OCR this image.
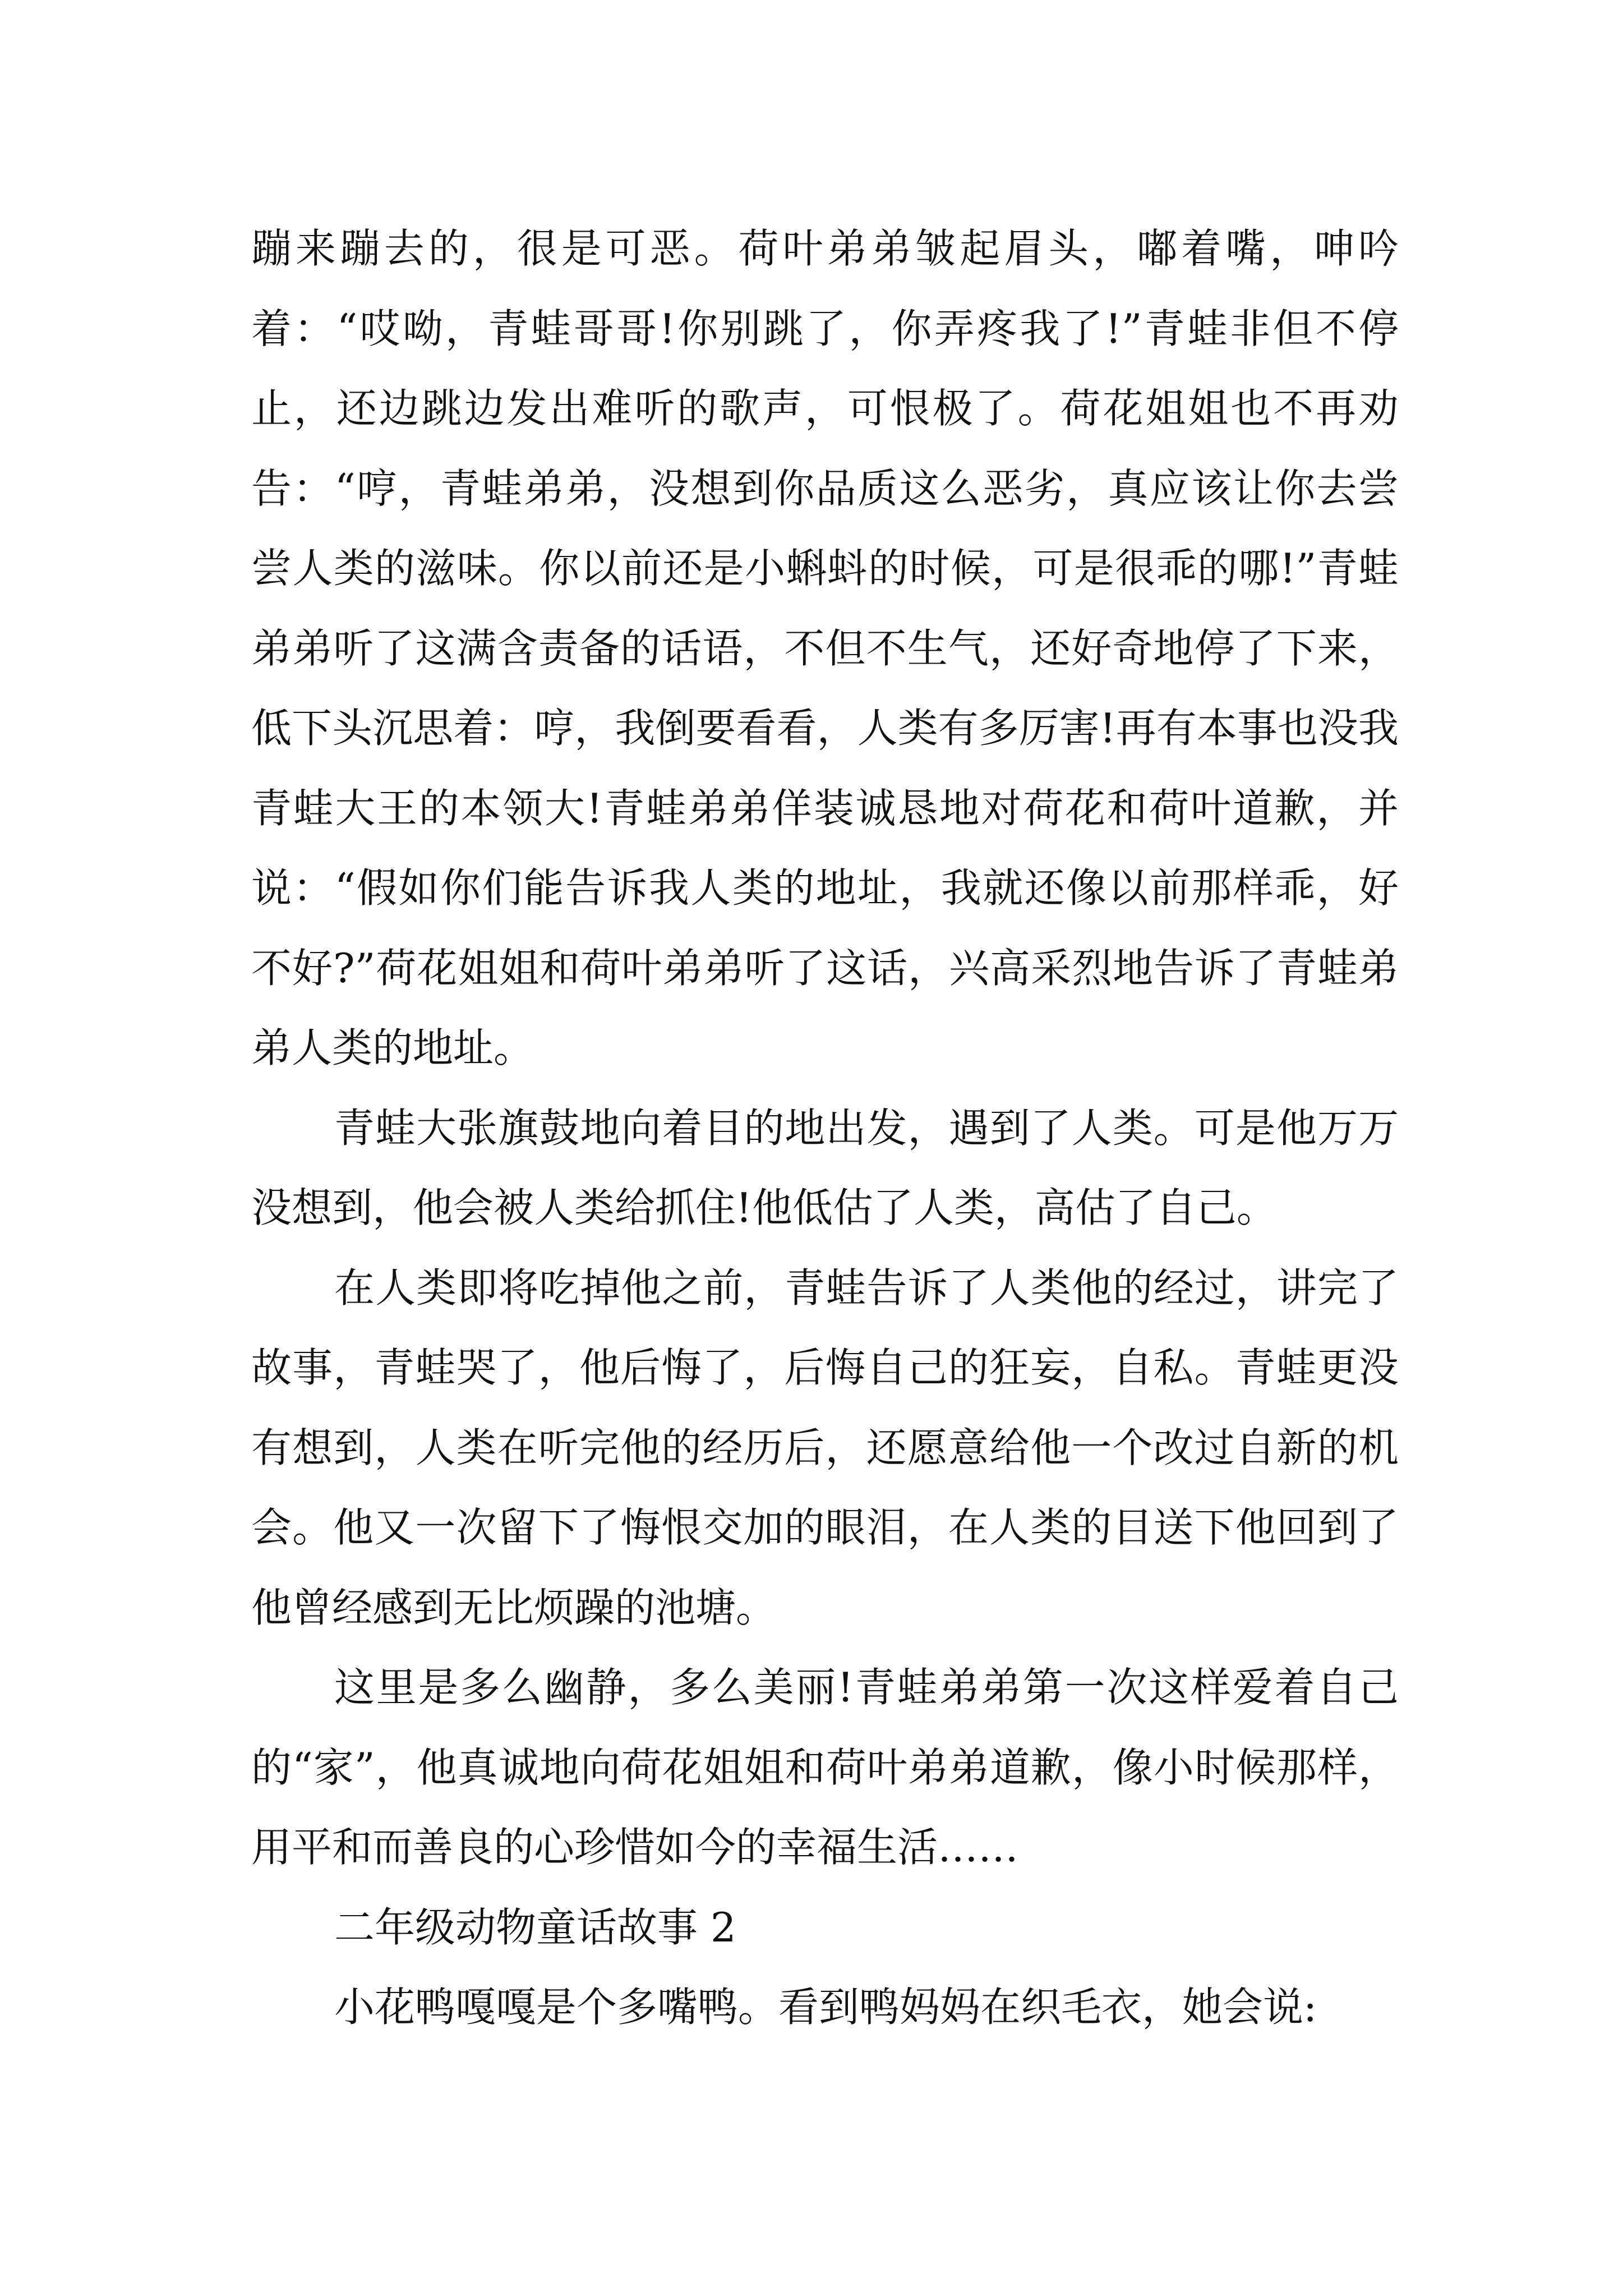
蹦来蹦去的，很是可恶。荷叶弟弟皱起眉头，嘟着嘴，呻吟着：“哎呦，青蛙哥哥!你别跳了，你弄疼我了!”青蛙非但不停止，还边跳边发出难听的歌声，可恨极了。荷花姐姐也不再劝告：“哼，青蛙弟弟，没想到你品质这么恶劣，真应该让你去尝尝人类的滋味。你以前还是小蝌蚪的时候，可是很乖的哪!”青蛙弟弟听了这满含责备的话语，不但不生气，还好奇地停了下来，低下头沉思着：哼，我倒要看看，人类有多厉害!再有本事也没我青蛙大王的本领大!青蛙弟弟佯装诚恳地对荷花和荷叶道歉，并说：“假如你们能告诉我人类的地址，我就还像以前那样乖，好不好?”荷花姐姐和荷叶弟弟听了这话，兴高采烈地告诉了青蛙弟弟人类的地址。

青蛙大张旗鼓地向着目的地出发，遇到了人类。可是他万万没想到，他会被人类给抓住!他低估了人类，高估了自己。

在人类即将吃掉他之前，青蛙告诉了人类他的经过，讲完了故事，青蛙哭了，他后悔了，后悔自己的狂妄，自私。青蛙更没有想到，人类在听完他的经历后，还愿意给他一个改过自新的机会。他又一次留下了悔恨交加的眼泪，在人类的目送下他回到了他曾经感到无比烦躁的池塘。

这里是多么幽静，多么美丽!青蛙弟弟第一次这样爱着自己的“家”，他真诚地向荷花姐姐和荷叶弟弟道歉，像小时候那样，用平和而善良的心珍惜如今的幸福生活……

二年级动物童话故事 2

小花鸭嘎嘎是个多嘴鸭。看到鸭妈妈在织毛衣，她会说:
